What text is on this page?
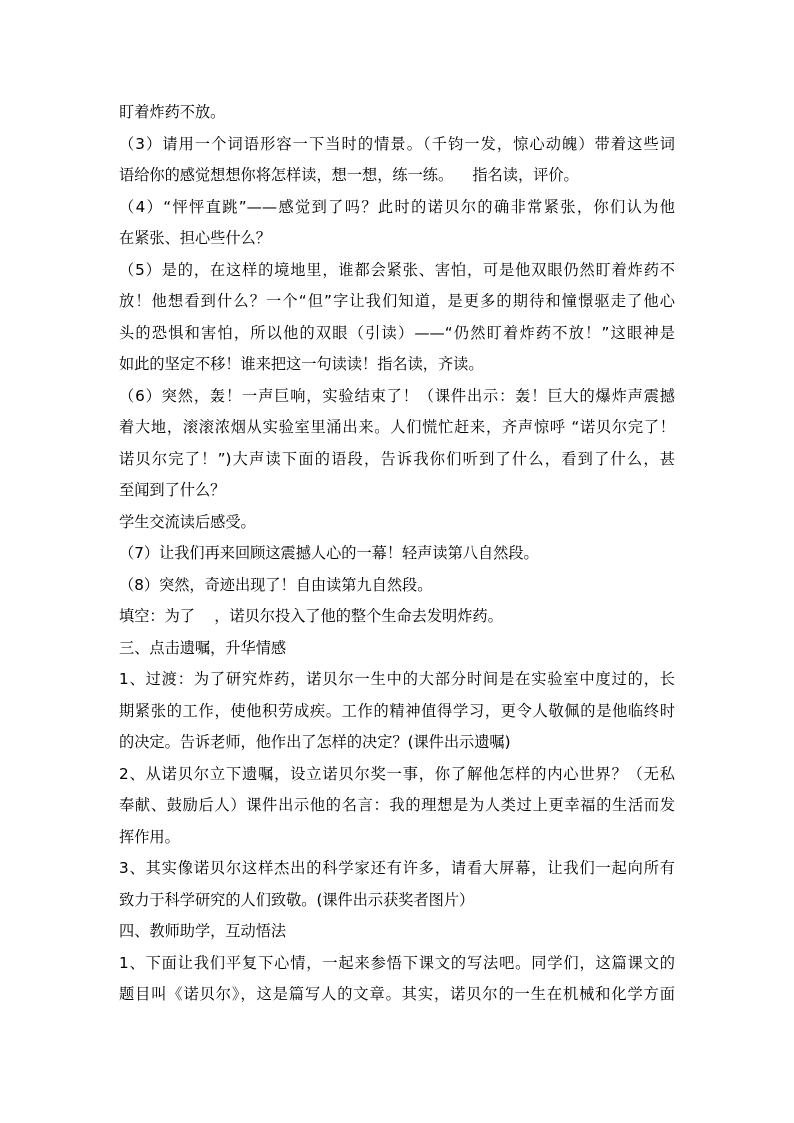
盯着炸药不放。
（3）请用一个词语形容一下当时的情景。（千钧一发，惊心动魄）带着这些词
语给你的感觉想想你将怎样读，想一想，练一练。    指名读，评价。
（4）“怦怦直跳”——感觉到了吗？此时的诺贝尔的确非常紧张，你们认为他
在紧张、担心些什么？
（5）是的，在这样的境地里，谁都会紧张、害怕，可是他双眼仍然盯着炸药不
放！他想看到什么？一个“但”字让我们知道，是更多的期待和憧憬驱走了他心
头的恐惧和害怕，所以他的双眼（引读）——“仍然盯着炸药不放！”这眼神是
如此的坚定不移！谁来把这一句读读！指名读，齐读。
（6）突然，轰！一声巨响，实验结束了！（课件出示：轰！巨大的爆炸声震撼
着大地，滚滚浓烟从实验室里涌出来。人们慌忙赶来，齐声惊呼 “诺贝尔完了！
诺贝尔完了！”)大声读下面的语段，告诉我你们听到了什么，看到了什么，甚
至闻到了什么？
学生交流读后感受。
（7）让我们再来回顾这震撼人心的一幕！轻声读第八自然段。
（8）突然，奇迹出现了！自由读第九自然段。
填空：为了    ，诺贝尔投入了他的整个生命去发明炸药。
三、点击遗嘱，升华情感
1、过渡：为了研究炸药，诺贝尔一生中的大部分时间是在实验室中度过的，长
期紧张的工作，使他积劳成疾。工作的精神值得学习，更令人敬佩的是他临终时
的决定。告诉老师，他作出了怎样的决定？(课件出示遗嘱)
2、从诺贝尔立下遗嘱，设立诺贝尔奖一事，你了解他怎样的内心世界？（无私
奉献、鼓励后人）课件出示他的名言：我的理想是为人类过上更幸福的生活而发
挥作用。
3、其实像诺贝尔这样杰出的科学家还有许多，请看大屏幕，让我们一起向所有
致力于科学研究的人们致敬。(课件出示获奖者图片）
四、教师助学，互动悟法
1、下面让我们平复下心情，一起来参悟下课文的写法吧。同学们，这篇课文的
题目叫《诺贝尔》，这是篇写人的文章。其实，诺贝尔的一生在机械和化学方面
